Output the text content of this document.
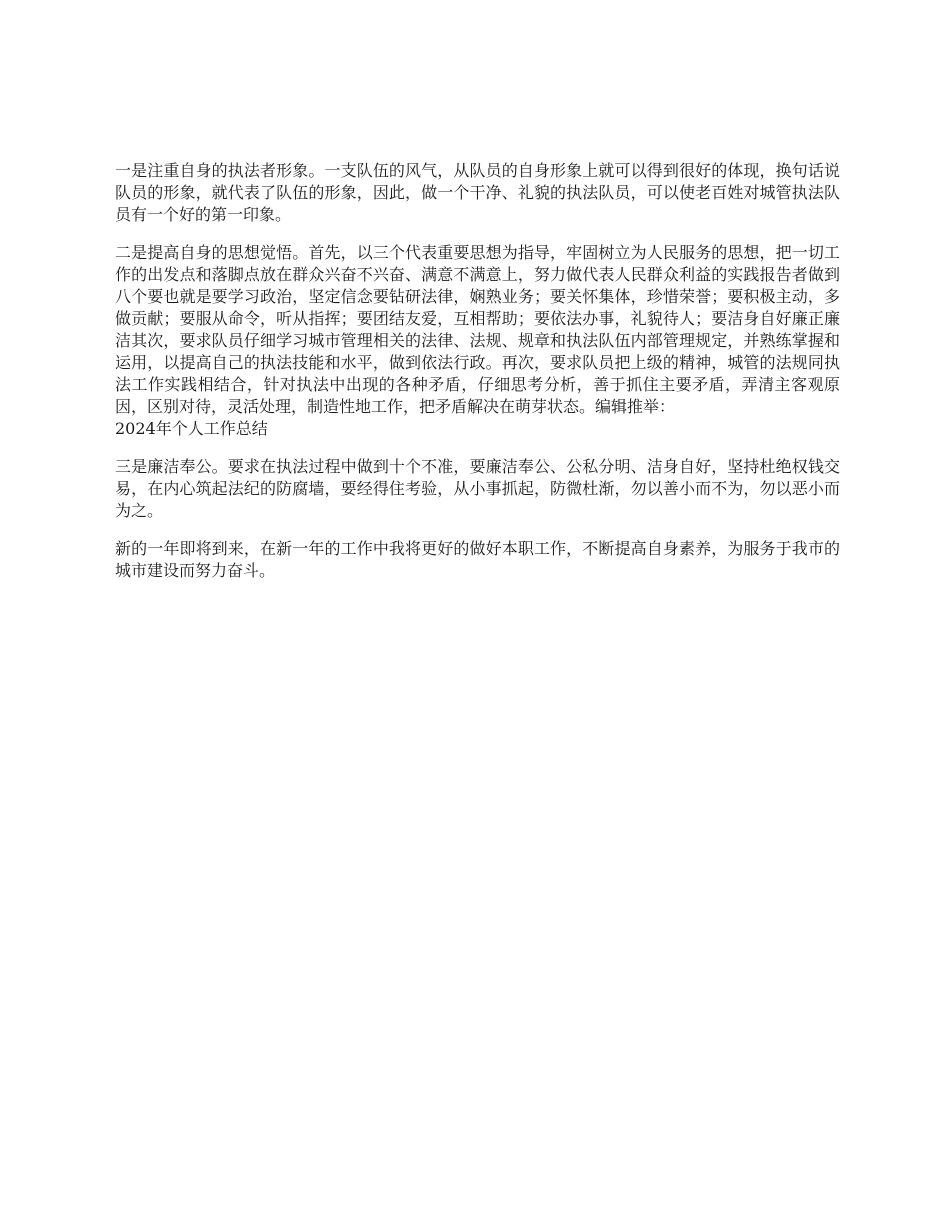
一是注重自身的执法者形象。一支队伍的风气，从队员的自身形象上就可以得到很好的体现，换句话说队员的形象，就代表了队伍的形象，因此，做一个干净、礼貌的执法队员，可以使老百姓对城管执法队员有一个好的第一印象。

二是提高自身的思想觉悟。首先，以三个代表重要思想为指导，牢固树立为人民服务的思想，把一切工作的出发点和落脚点放在群众兴奋不兴奋、满意不满意上，努力做代表人民群众利益的实践报告者做到八个要也就是要学习政治，坚定信念要钻研法律，娴熟业务；要关怀集体，珍惜荣誉；要积极主动，多做贡献；要服从命令，听从指挥；要团结友爱，互相帮助；要依法办事，礼貌待人；要洁身自好廉正廉洁其次，要求队员仔细学习城市管理相关的法律、法规、规章和执法队伍内部管理规定，并熟练掌握和运用，以提高自己的执法技能和水平，做到依法行政。再次，要求队员把上级的精神，城管的法规同执法工作实践相结合，针对执法中出现的各种矛盾，仔细思考分析，善于抓住主要矛盾，弄清主客观原因，区别对待，灵活处理，制造性地工作，把矛盾解决在萌芽状态。编辑推举：
2024年个人工作总结

三是廉洁奉公。要求在执法过程中做到十个不准，要廉洁奉公、公私分明、洁身自好，坚持杜绝权钱交易，在内心筑起法纪的防腐墙，要经得住考验，从小事抓起，防微杜渐，勿以善小而不为，勿以恶小而为之。

新的一年即将到来，在新一年的工作中我将更好的做好本职工作，不断提高自身素养，为服务于我市的城市建设而努力奋斗。
